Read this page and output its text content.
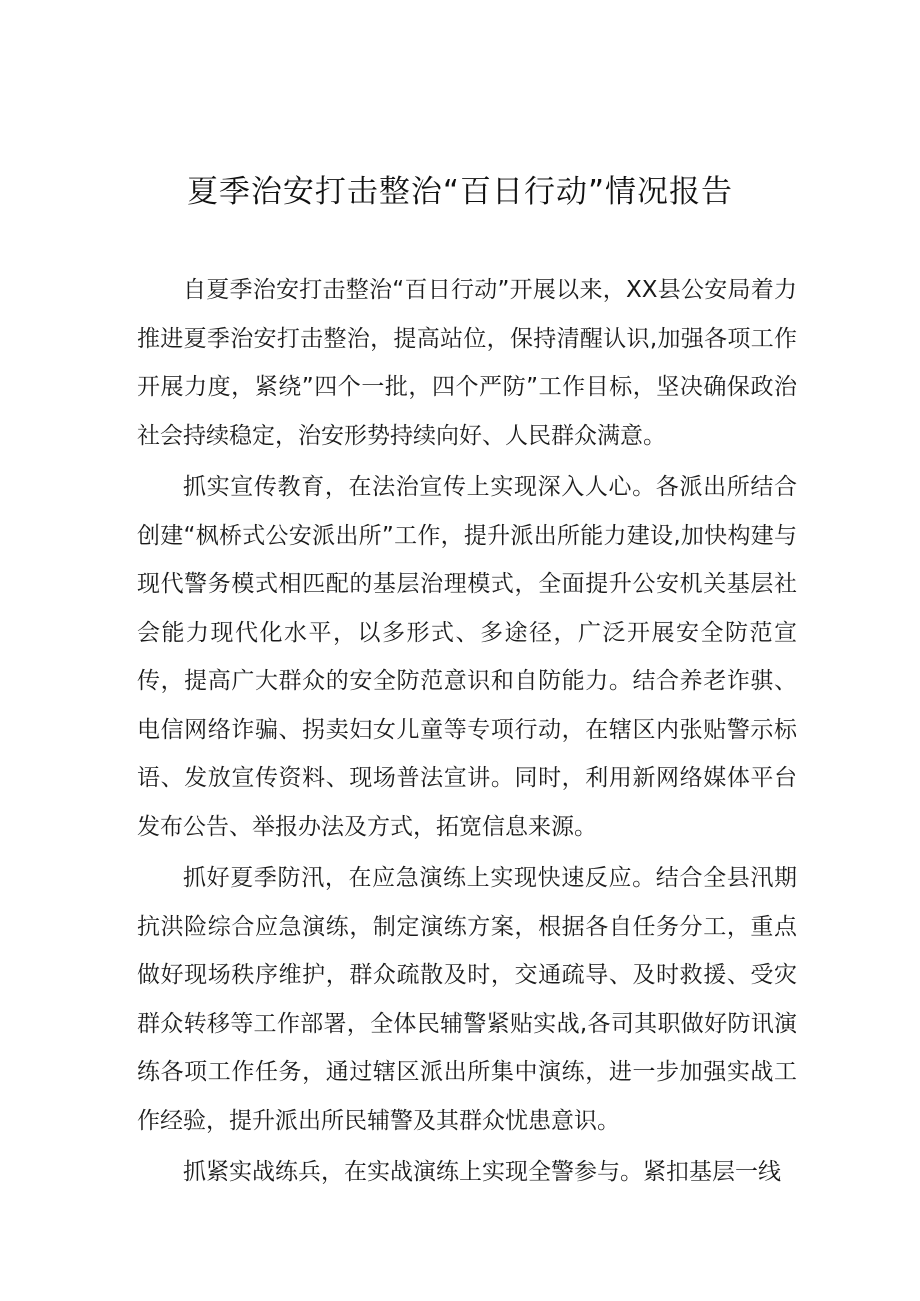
夏季治安打击整治“百日行动”情况报告

自夏季治安打击整治“百日行动”开展以来，XX县公安局着力推进夏季治安打击整治，提高站位，保持清醒认识,加强各项工作开展力度，紧绕”四个一批，四个严防”工作目标，坚决确保政治社会持续稳定，治安形势持续向好、人民群众满意。

抓实宣传教育，在法治宣传上实现深入人心。各派出所结合创建“枫桥式公安派出所”工作，提升派出所能力建设,加快构建与现代警务模式相匹配的基层治理模式，全面提升公安机关基层社会能力现代化水平，以多形式、多途径，广泛开展安全防范宣传，提高广大群众的安全防范意识和自防能力。结合养老诈骐、电信网络诈骗、拐卖妇女儿童等专项行动，在辖区内张贴警示标语、发放宣传资料、现场普法宣讲。同时，利用新网络媒体平台发布公告、举报办法及方式，拓宽信息来源。

抓好夏季防汛，在应急演练上实现快速反应。结合全县汛期抗洪险综合应急演练，制定演练方案，根据各自任务分工，重点做好现场秩序维护，群众疏散及时，交通疏导、及时救援、受灾群众转移等工作部署，全体民辅警紧贴实战,各司其职做好防讯演练各项工作任务，通过辖区派出所集中演练，进一步加强实战工作经验，提升派出所民辅警及其群众忧患意识。

抓紧实战练兵，在实战演练上实现全警参与。紧扣基层一线
